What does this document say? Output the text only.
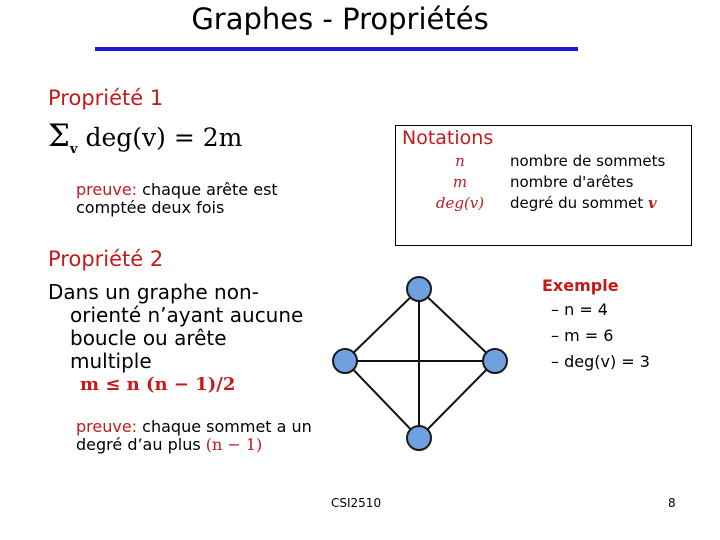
Graphes - Propriétés
Propriété 1
$\Sigma_v$ deg(v) = 2m
preuve: chaque arête est comptée deux fois
Notations
n
m
deg(v)
nombre de sommets
nombre d'arêtes
degré du sommet v
Propriété 2
Dans un graphe non-
orienté n’ayant aucune
boucle ou arête
multiple
m ≤ n (n − 1)/2
preuve: chaque sommet a un
degré d’au plus (n − 1)
Exemple
– n = 4
– m = 6
– deg(v) = 3
CSI2510	8
